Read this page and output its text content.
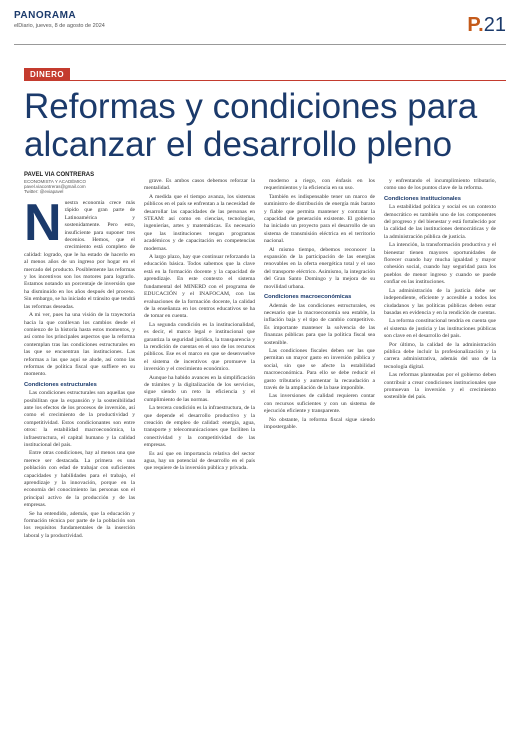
PANORAMA
elDiario, jueves, 8 de agosto de 2024	P.21
DINERO
Reformas y condiciones para alcanzar el desarrollo pleno
PAVEL VIA CONTRERAS
ECONOMISTA Y ACADÉMICO
pavel.viacontreras@gmail.com
Twitter: @eviapavel
N uestra economía crece más rápido que gran parte de Latinoamérica y sostenidamente. Pero esto, insuficiente para suponer tres decenios. Hemos, que el crecimiento está completo de calidad: logrado, que le ha estado de hacerlo en al menos años de un ingreso por hogar en el mercado del producto. Posiblemente las reformas y los incentivos son los motores para lograrlo. Estamos notando un porcentaje de inversión que ha disminuido en los años después del proceso. Sin embargo, se ha iniciado el tránsito que tendrá las reformas deseadas.

A mi ver, pues ha una visión de la trayectoria hacia la que conllevan los cambios desde el comienzo de la historia hasta estos momentos, y así como los principales aspectos que la reforma contemplan tras las condiciones estructurales en las que se encuentran las instituciones. Las reformas a las que aquí se alude, así como las reformas de política fiscal que suffiere en su momento.

Condiciones estructurales

Las condiciones estructurales son aquellas que posibilitan que la expansión y la sostenibilidad ante los efectos de los procesos de inversión, así como el crecimiento de la productividad y competitividad. Estos condicionantes son entre otros: la estabilidad macroeconómica, la infraestructura, el capital humano y la calidad institucional del país.

Entre otras condiciones, hay al menos una que merece ser destacada. La primera es una población con edad de trabajar con suficientes capacidades y habilidades para el trabajo, el aprendizaje y la innovación, porque en la economía del conocimiento las personas son el principal activo de la producción y de las empresas.

Se ha entendido, además, que la educación y formación técnica por parte de la población son los requisitos fundamentales de la inserción laboral y la productividad.

grave. Es ambos casos debemos reforzar la mentalidad.

A medida que el tiempo avanza, los sistemas públicos en el país se enfrentan a la necesidad de desarrollar las capacidades de las personas en STEAM: así como en ciencias, tecnologías, ingenierías, artes y matemáticas. Es necesario que las instituciones tengan programas académicos y de capacitación en competencias modernas.

A largo plazo, hay que continuar reforzando la educación básica. Todos sabemos que la clave está en la formación docente y la capacidad de aprendizaje. En este contexto el sistema fundamental del MINERD con el programa de EDUCACIÓN y el INAFOCAM, con las evaluaciones de la formación docente, la calidad de la enseñanza en los centros educativos se ha de tomar en cuenta.

La segunda condición es la institucionalidad, es decir, el marco legal e institucional que garantiza la seguridad jurídica, la transparencia y la rendición de cuentas en el uso de los recursos públicos. Ese es el marco en que se desenvuelve el sistema de incentivos que promueve la inversión y el crecimiento económico.

Aunque ha habido avances en la simplificación de trámites y la digitalización de los servicios, sigue siendo un reto la eficiencia y el cumplimiento de las normas.

La tercera condición es la infraestructura, de la que depende el desarrollo productivo y la creación de empleo de calidad: energía, agua, transporte y telecomunicaciones que faciliten la conectividad y la competitividad de las empresas.

Es así que en importancia relativa del sector agua, hay un potencial de desarrollo en el país que requiere de la inversión pública y privada.

moderno a riego, con énfasis en los requerimientos y la eficiencia en su uso.

También es indispensable tener un marco de suministro de distribución de energía más barato y fiable que permita mantener y contratar la capacidad de generación existente. El gobierno ha iniciado un proyecto para el desarrollo de un sistema de transmisión eléctrica en el territorio nacional.

Al mismo tiempo, debemos reconocer la expansión de la participación de las energías renovables en la oferta energética total y el uso del transporte eléctrico. Asimismo, la integración del Gran Santo Domingo y la mejora de su movilidad urbana.

Condiciones macroeconómicas

Además de las condiciones estructurales, es necesario que la macroeconomía sea estable, la inflación baja y el tipo de cambio competitivo. Es importante mantener la solvencia de las finanzas públicas para que la política fiscal sea sostenible.

Las condiciones fiscales deben ser las que permitan un mayor gasto en inversión pública y social, sin que se afecte la estabilidad macroeconómica. Para ello se debe reducir el gasto tributario y aumentar la recaudación a través de la ampliación de la base imponible.

Las inversiones de calidad requieren contar con recursos suficientes y con un sistema de ejecución eficiente y transparente.

No obstante, la reforma fiscal sigue siendo impostergable.

y enfrentando el incumplimiento tributario, como uno de los puntos clave de la reforma.

Condiciones institucionales

La estabilidad política y social es un contexto democrático es también uno de los componentes del progreso y del bienestar y está fortalecido por la calidad de las instituciones democráticas y de la administración pública de justicia.

La intención, la transformación productiva y el bienestar tienen mayores oportunidades de florecer cuando hay mucha igualdad y mayor cohesión social, cuando hay seguridad para los pueblos de menor ingreso y cuando se puede confiar en las instituciones.

La administración de la justicia debe ser independiente, eficiente y accesible a todos los ciudadanos y las políticas públicas deben estar basadas en evidencia y en la rendición de cuentas.

La reforma constitucional tendría en cuenta que el sistema de justicia y las instituciones públicas son clave en el desarrollo del país.

Por último, la calidad de la administración pública debe incluir la profesionalización y la carrera administrativa, además del uso de la tecnología digital.

Las reformas planteadas por el gobierno deben contribuir a crear condiciones institucionales que promuevan la inversión y el crecimiento sostenible del país.
